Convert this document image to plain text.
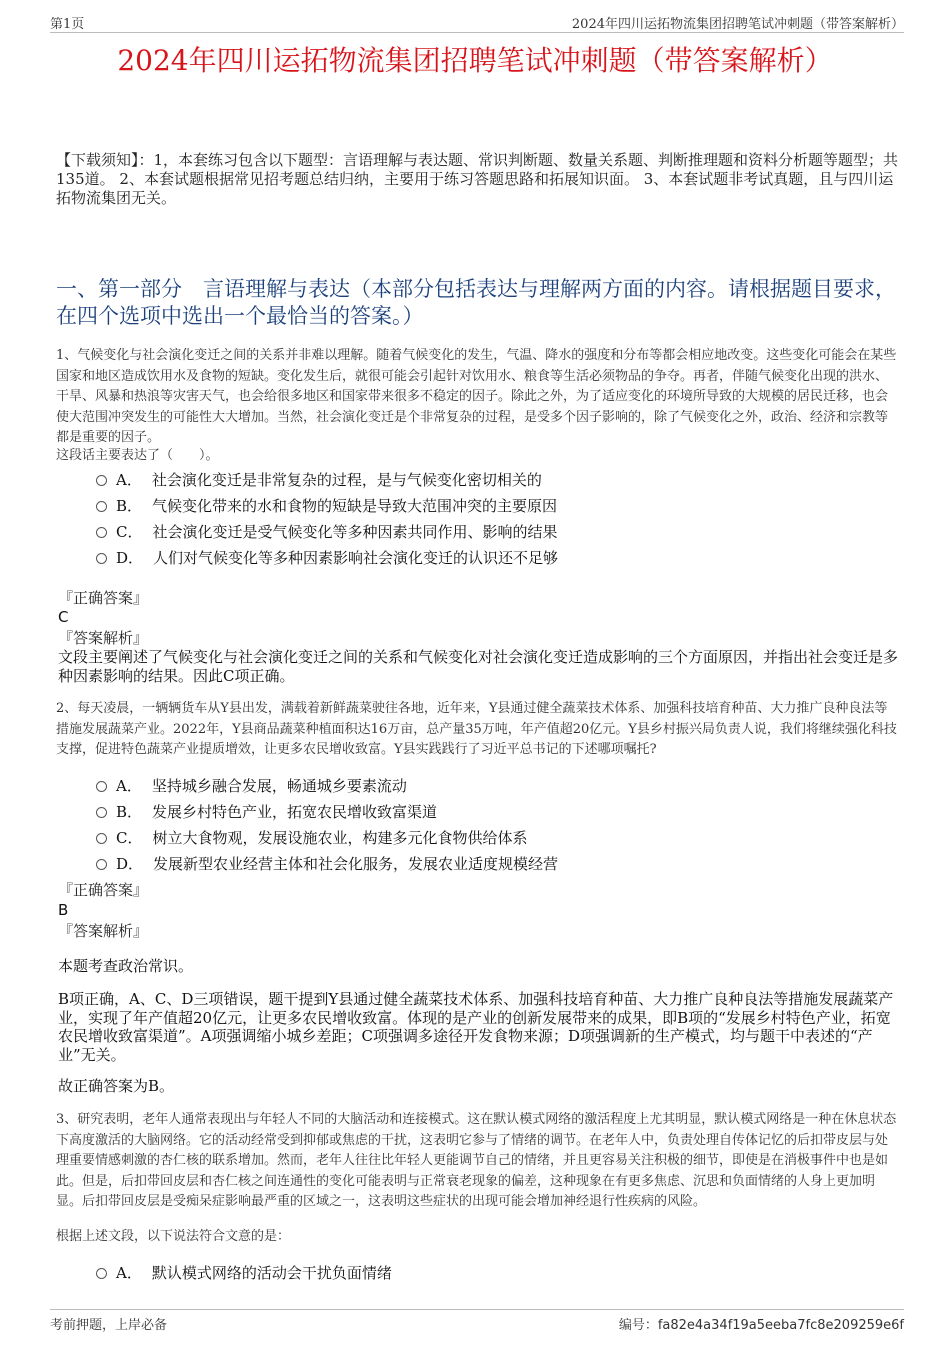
第1页	2024年四川运拓物流集团招聘笔试冲刺题（带答案解析）
2024年四川运拓物流集团招聘笔试冲刺题（带答案解析）
【下载须知】：1，本套练习包含以下题型：言语理解与表达题、常识判断题、数量关系题、判断推理题和资料分析题等题型；共135道。 2、本套试题根据常见招考题总结归纳，主要用于练习答题思路和拓展知识面。 3、本套试题非考试真题，且与四川运拓物流集团无关。
一、第一部分　言语理解与表达（本部分包括表达与理解两方面的内容。请根据题目要求，在四个选项中选出一个最恰当的答案。）
1、气候变化与社会演化变迁之间的关系并非难以理解。随着气候变化的发生，气温、降水的强度和分布等都会相应地改变。这些变化可能会在某些国家和地区造成饮用水及食物的短缺。变化发生后，就很可能会引起针对饮用水、粮食等生活必须物品的争夺。再者，伴随气候变化出现的洪水、干旱、风暴和热浪等灾害天气，也会给很多地区和国家带来很多不稳定的因子。除此之外，为了适应变化的环境所导致的大规模的居民迁移，也会使大范围冲突发生的可能性大大增加。当然，社会演化变迁是个非常复杂的过程，是受多个因子影响的，除了气候变化之外，政治、经济和宗教等都是重要的因子。
这段话主要表达了（　　）。
A． 社会演化变迁是非常复杂的过程，是与气候变化密切相关的
B． 气候变化带来的水和食物的短缺是导致大范围冲突的主要原因
C． 社会演化变迁是受气候变化等多种因素共同作用、影响的结果
D． 人们对气候变化等多种因素影响社会演化变迁的认识还不足够
『正确答案』
C
『答案解析』
文段主要阐述了气候变化与社会演化变迁之间的关系和气候变化对社会演化变迁造成影响的三个方面原因，并指出社会变迁是多种因素影响的结果。因此C项正确。
2、每天凌晨，一辆辆货车从Y县出发，满载着新鲜蔬菜驶往各地，近年来，Y县通过健全蔬菜技术体系、加强科技培育种苗、大力推广良种良法等措施发展蔬菜产业。2022年，Y县商品蔬菜种植面积达16万亩，总产量35万吨，年产值超20亿元。Y县乡村振兴局负责人说，我们将继续强化科技支撑，促进特色蔬菜产业提质增效，让更多农民增收致富。Y县实践践行了习近平总书记的下述哪项嘱托?
A． 坚持城乡融合发展，畅通城乡要素流动
B． 发展乡村特色产业，拓宽农民增收致富渠道
C． 树立大食物观，发展设施农业，构建多元化食物供给体系
D． 发展新型农业经营主体和社会化服务，发展农业适度规模经营
『正确答案』
B
『答案解析』
本题考查政治常识。
B项正确，A、C、D三项错误，题干提到Y县通过健全蔬菜技术体系、加强科技培育种苗、大力推广良种良法等措施发展蔬菜产业，实现了年产值超20亿元，让更多农民增收致富。体现的是产业的创新发展带来的成果，即B项的“发展乡村特色产业，拓宽农民增收致富渠道”。A项强调缩小城乡差距；C项强调多途径开发食物来源；D项强调新的生产模式，均与题干中表述的“产业”无关。
故正确答案为B。
3、研究表明，老年人通常表现出与年轻人不同的大脑活动和连接模式。这在默认模式网络的激活程度上尤其明显，默认模式网络是一种在休息状态下高度激活的大脑网络。它的活动经常受到抑郁或焦虑的干扰，这表明它参与了情绪的调节。在老年人中，负责处理自传体记忆的后扣带皮层与处理重要情感刺激的杏仁核的联系增加。然而，老年人往往比年轻人更能调节自己的情绪，并且更容易关注积极的细节，即使是在消极事件中也是如此。但是，后扣带回皮层和杏仁核之间连通性的变化可能表明与正常衰老现象的偏差，这种现象在有更多焦虑、沉思和负面情绪的人身上更加明显。后扣带回皮层是受痴呆症影响最严重的区域之一，这表明这些症状的出现可能会增加神经退行性疾病的风险。
根据上述文段，以下说法符合文意的是：
A． 默认模式网络的活动会干扰负面情绪
考前押题，上岸必备	编号：fa82e4a34f19a5eeba7fc8e209259e6f
